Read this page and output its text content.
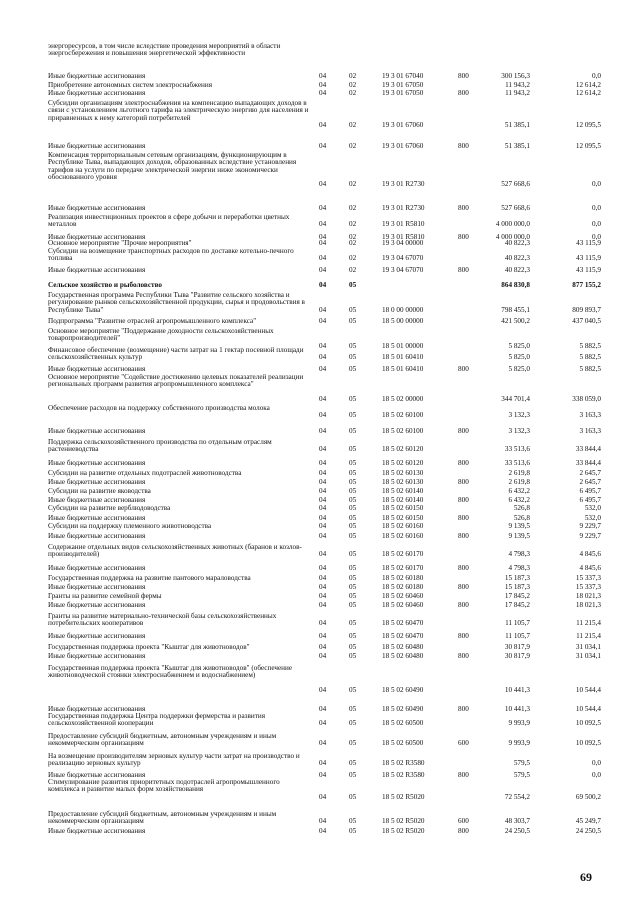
энергоресурсов, в том числе вследствие проведения мероприятий в области энергосбережения и повышения энергетической эффективности
Иные бюджетные ассигнования	04	02	19 3 01 67040	800	300 156,3	0,0
Приобретение автономных систем электроснабжения	04	02	19 3 01 67050	11 943,2	12 614,2
Иные бюджетные ассигнования	04	02	19 3 01 67050	800	11 943,2	12 614,2
Субсидии организациям электроснабжения на компенсацию выпадающих доходов в связи с установлением льготного тарифа на электрическую энергию для населения и приравненных к нему категорий потребителей
04	02	19 3 01 67060	51 385,1	12 095,5
Иные бюджетные ассигнования	04	02	19 3 01 67060	800	51 385,1	12 095,5
Компенсация территориальным сетевым организациям, функционирующим в Республике Тыва, выпадающих доходов, образованных вследствие установления тарифов на услуги по передаче электрической энергии ниже экономически обоснованного уровня
04	02	19 3 01 R2730	527 668,6	0,0
Иные бюджетные ассигнования	04	02	19 3 01 R2730	800	527 668,6	0,0
Реализация инвестиционных проектов в сфере добычи и переработки цветных металлов	04	02	19 3 01 R5810	4 000 000,0	0,0
Иные бюджетные ассигнования	04	02	19 3 01 R5810	800	4 000 000,0	0,0
Основное мероприятие "Прочие мероприятия"	04	02	19 3 04 00000	40 822,3	43 115,9
Субсидии на возмещение транспортных расходов по доставке котельно-печного топлива	04	02	19 3 04 67070	40 822,3	43 115,9
Иные бюджетные ассигнования	04	02	19 3 04 67070	800	40 822,3	43 115,9
Сельское хозяйство и рыболовство	04	05	864 830,8	877 155,2
Государственная программа Республики Тыва "Развитие сельского хозяйства и регулирование рынков сельскохозяйственной продукции, сырья и продовольствия в Республике Тыва"	04	05	18 0 00 00000	798 455,1	809 893,7
Подпрограмма "Развитие отраслей агропромышленного комплекса"	04	05	18 5 00 00000	421 500,2	437 040,5
Основное мероприятие "Поддержание доходности сельскохозяйственных товаропроизводителей"
04	05	18 5 01 00000	5 825,0	5 882,5
Финансовое обеспечение (возмещение) части затрат на 1 гектар посевной площади сельскохозяйственных культур	04	05	18 5 01 60410	5 825,0	5 882,5
Иные бюджетные ассигнования	04	05	18 5 01 60410	800	5 825,0	5 882,5
Основное мероприятие "Содействие достижению целевых показателей реализации региональных программ развития агропромышленного комплекса"
04	05	18 5 02 00000	344 701,4	338 059,0
Обеспечение расходов на поддержку собственного производства молока
04	05	18 5 02 60100	3 132,3	3 163,3
Иные бюджетные ассигнования	04	05	18 5 02 60100	800	3 132,3	3 163,3
Поддержка сельскохозяйственного производства по отдельным отраслям растениеводства	04	05	18 5 02 60120	33 513,6	33 844,4
Иные бюджетные ассигнования	04	05	18 5 02 60120	800	33 513,6	33 844,4
Субсидии на развитие отдельных подотраслей животноводства	04	05	18 5 02 60130	2 619,8	2 645,7
Иные бюджетные ассигнования	04	05	18 5 02 60130	800	2 619,8	2 645,7
Субсидии на развитие яководства	04	05	18 5 02 60140	6 432,2	6 495,7
Иные бюджетные ассигнования	04	05	18 5 02 60140	800	6 432,2	6 495,7
Субсидии на развитие верблюдоводства	04	05	18 5 02 60150	526,8	532,0
Иные бюджетные ассигнования	04	05	18 5 02 60150	800	526,8	532,0
Субсидии на поддержку племенного животноводства	04	05	18 5 02 60160	9 139,5	9 229,7
Иные бюджетные ассигнования	04	05	18 5 02 60160	800	9 139,5	9 229,7
Содержание отдельных видов сельскохозяйственных животных (баранов и козлов-производителей)	04	05	18 5 02 60170	4 798,3	4 845,6
Иные бюджетные ассигнования	04	05	18 5 02 60170	800	4 798,3	4 845,6
Государственная поддержка на развитие пантового мараловодства	04	05	18 5 02 60180	15 187,3	15 337,3
Иные бюджетные ассигнования	04	05	18 5 02 60180	800	15 187,3	15 337,3
Гранты на развитие семейной фермы	04	05	18 5 02 60460	17 845,2	18 021,3
Иные бюджетные ассигнования	04	05	18 5 02 60460	800	17 845,2	18 021,3
Гранты на развитие материально-технической базы сельскохозяйственных потребительских кооперативов	04	05	18 5 02 60470	11 105,7	11 215,4
Иные бюджетные ассигнования	04	05	18 5 02 60470	800	11 105,7	11 215,4
Государственная поддержка проекта "Кыштаг для животноводов"	04	05	18 5 02 60480	30 817,9	31 034,1
Иные бюджетные ассигнования	04	05	18 5 02 60480	800	30 817,9	31 034,1
Государственная поддержка проекта "Кыштаг для животноводов" (обеспечение животноводческой стоянки электроснабжением и водоснабжением)
04	05	18 5 02 60490	10 441,3	10 544,4
Иные бюджетные ассигнования	04	05	18 5 02 60490	800	10 441,3	10 544,4
Государственная поддержка Центра поддержки фермерства и развития сельскохозяйственной кооперации	04	05	18 5 02 60500	9 993,9	10 092,5
Предоставление субсидий бюджетным, автономным учреждениям и иным некоммерческим организациям	04	05	18 5 02 60500	600	9 993,9	10 092,5
На возмещение производителям зерновых культур части затрат на производство и реализацию зерновых культур	04	05	18 5 02 R3580	579,5	0,0
Иные бюджетные ассигнования	04	05	18 5 02 R3580	800	579,5	0,0
Стимулирование развития приоритетных подотраслей агропромышленного комплекса и развитие малых форм хозяйствования
04	05	18 5 02 R5020	72 554,2	69 500,2
Предоставление субсидий бюджетным, автономным учреждениям и иным некоммерческим организациям	04	05	18 5 02 R5020	600	48 303,7	45 249,7
Иные бюджетные ассигнования	04	05	18 5 02 R5020	800	24 250,5	24 250,5
69
